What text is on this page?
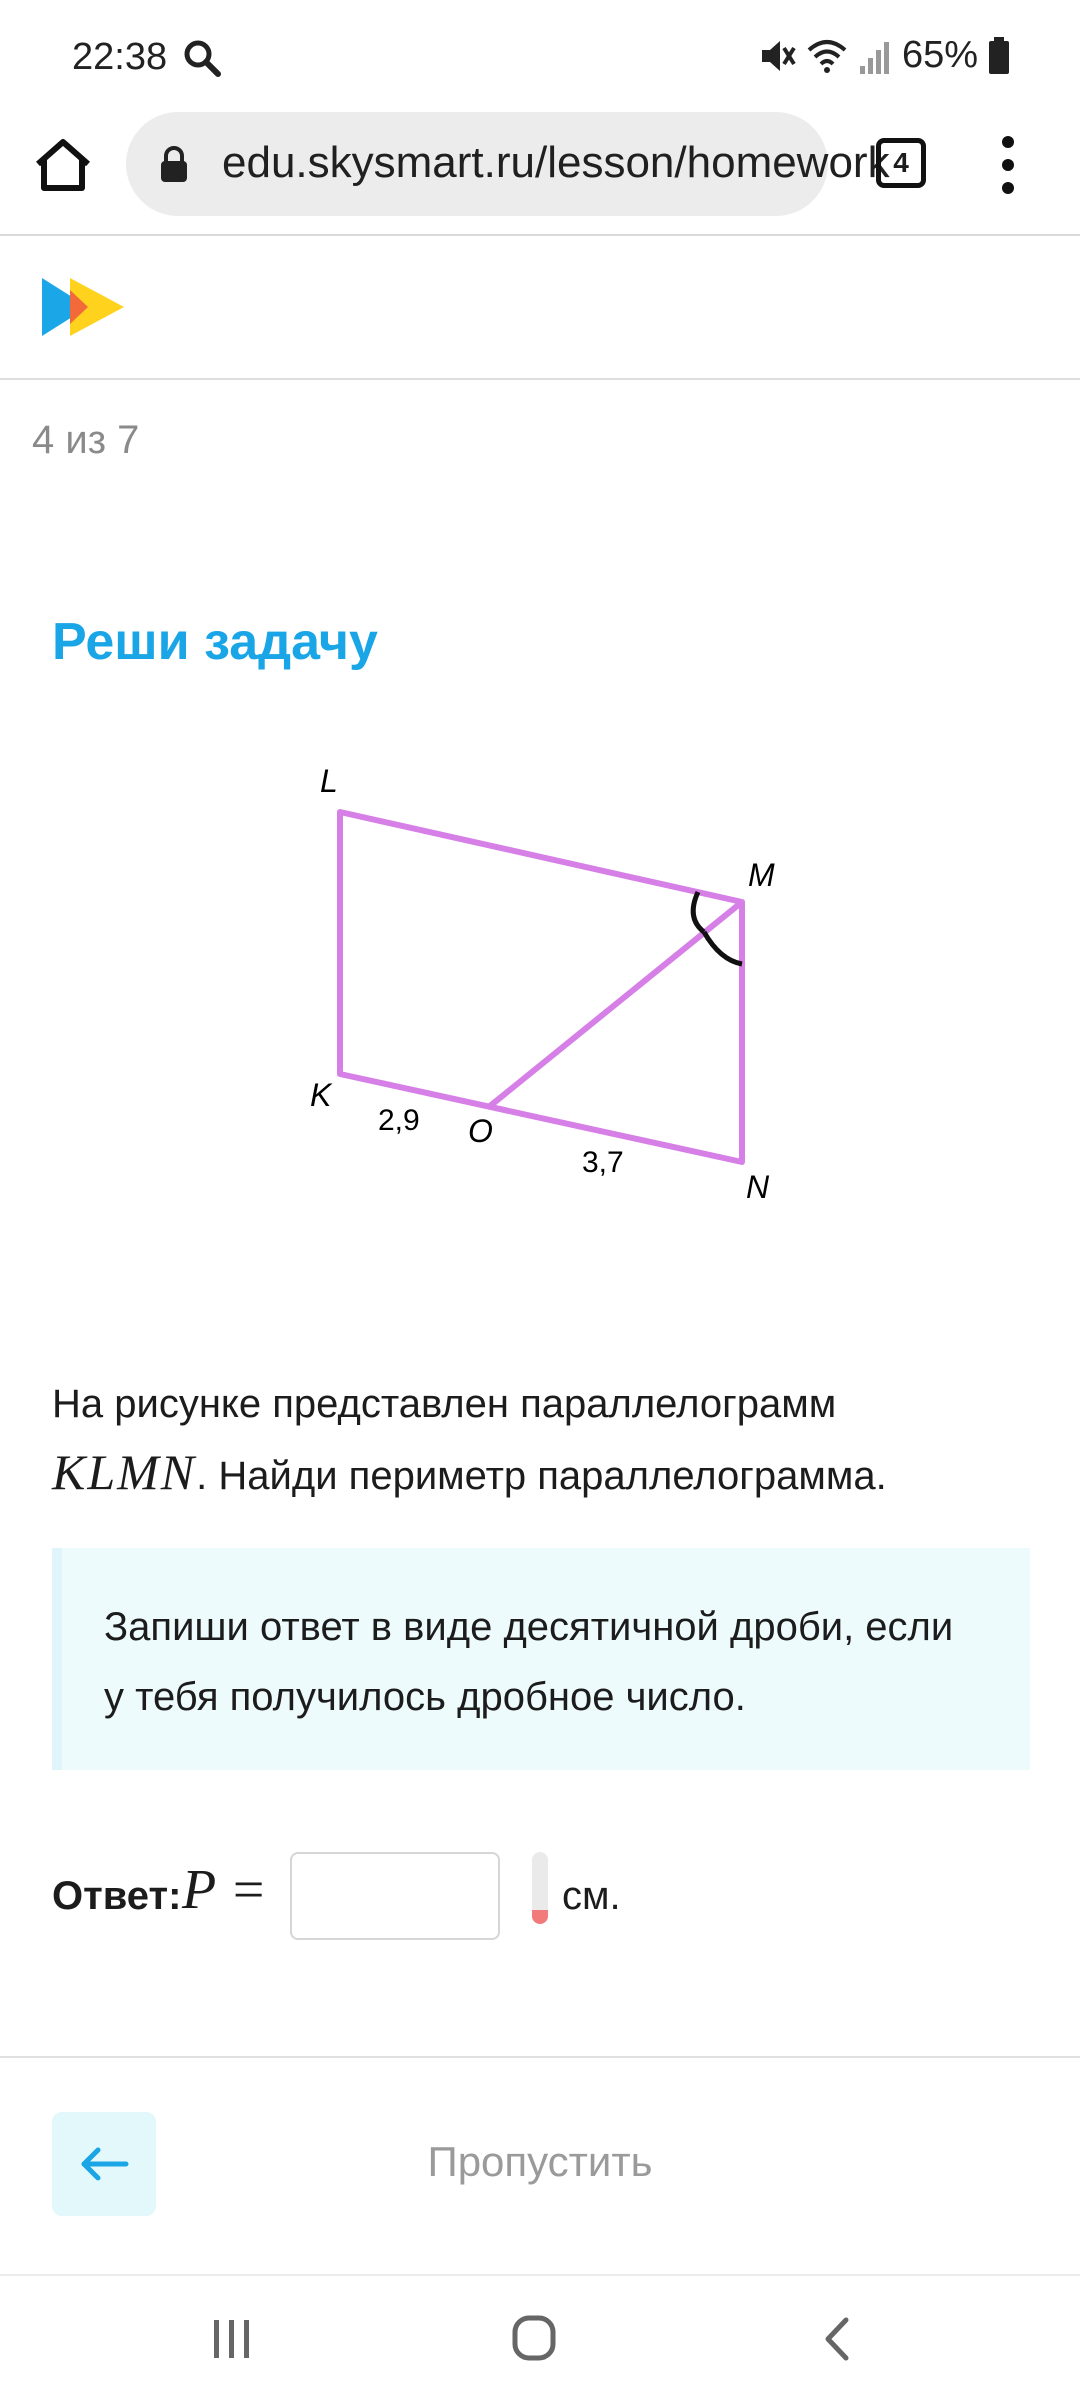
22:38	65%
edu.skysmart.ru/lesson/homework 4
4 из 7
Реши задачу
L
M
K
O
N
2,9
3,7
На рисунке представлен параллелограмм
KLMN. Найди периметр параллелограмма.
Запиши ответ в виде десятичной дроби, если у тебя получилось дробное число.
Ответ: P =	см.
Пропустить
